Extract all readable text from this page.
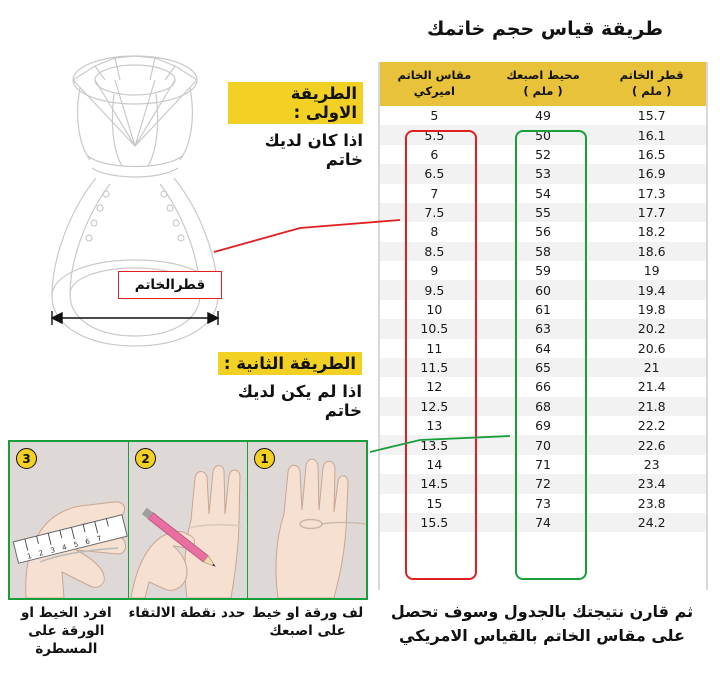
طريقة قياس حجم خاتمك
قطرالخاتم
الطريقة الاولى :
اذا كان لديك خاتم
الطريقة الثانية :
اذا لم يكن لديك خاتم
قطر الخاتم
( ملم )

محيط اصبعك
( ملم )

مقاس الخاتم
اميركي

15.7	49	5
16.1	50	5.5
16.5	52	6
16.9	53	6.5
17.3	54	7
17.7	55	7.5
18.2	56	8
18.6	58	8.5
19	59	9
19.4	60	9.5
19.8	61	10
20.2	63	10.5
20.6	64	11
21	65	11.5
21.4	66	12
21.8	68	12.5
22.2	69	13
22.6	70	13.5
23	71	14
23.4	72	14.5
23.8	73	15
24.2	74	15.5
3
1 2 3 4 5 6 7
2	1
لف ورقة او خيط على اصبعك
حدد نقطة الالتقاء
افرد الخيط او الورقة على المسطرة
ثم قارن نتيجتك بالجدول وسوف تحصل على مقاس الخاتم بالقياس الامريكي
